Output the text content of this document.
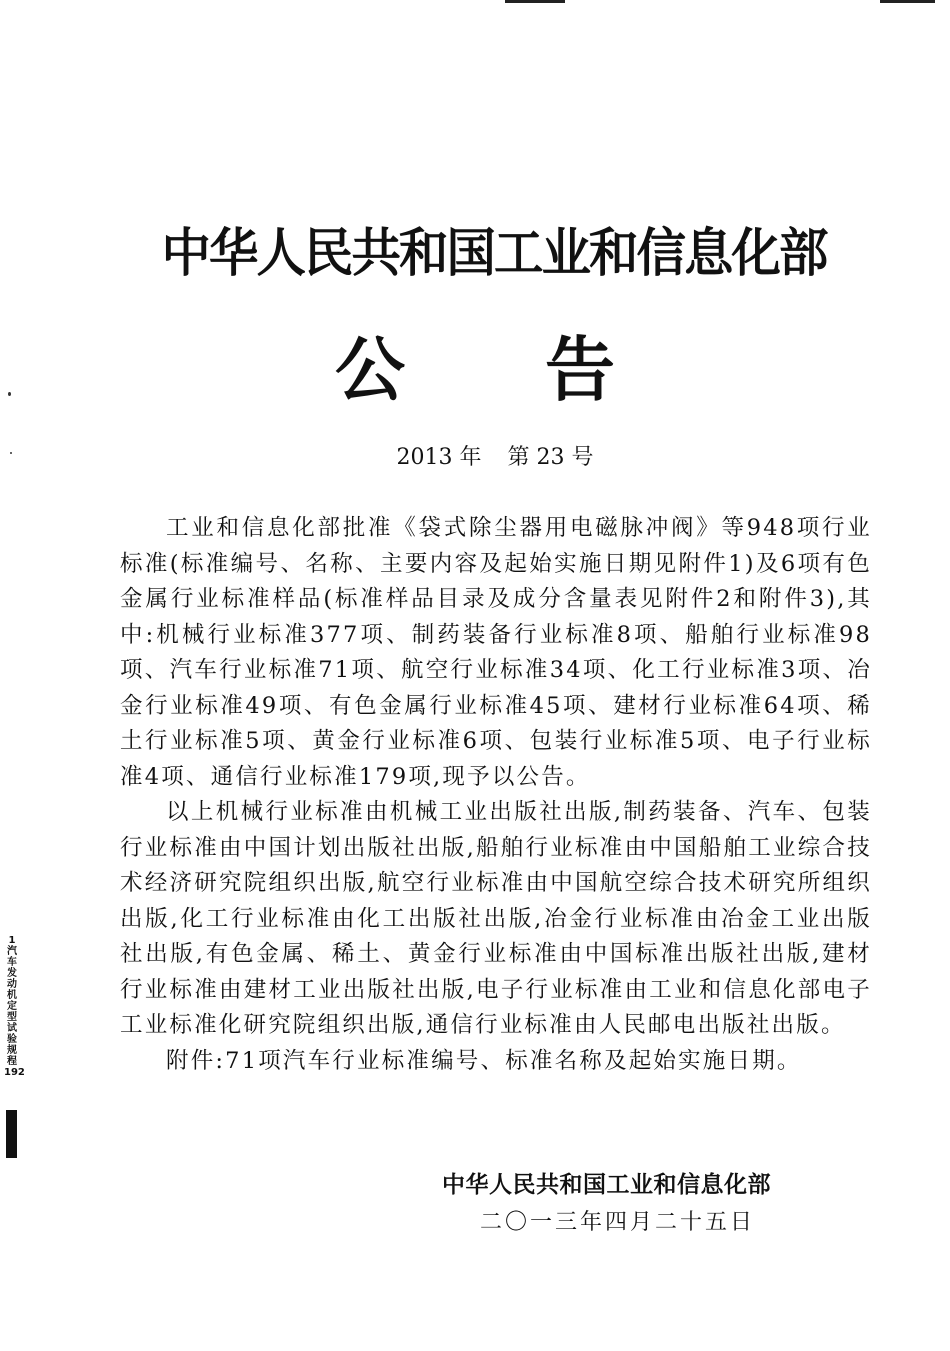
中华人民共和国工业和信息化部
公 告
2013 年 第 23 号

工业和信息化部批准《袋式除尘器用电磁脉冲阀》等948项行业标准(标准编号、名称、主要内容及起始实施日期见附件1)及6项有色金属行业标准样品(标准样品目录及成分含量表见附件2和附件3),其中:机械行业标准377项、制药装备行业标准8项、船舶行业标准98项、汽车行业标准71项、航空行业标准34项、化工行业标准3项、冶金行业标准49项、有色金属行业标准45项、建材行业标准64项、稀土行业标准5项、黄金行业标准6项、包装行业标准5项、电子行业标准4项、通信行业标准179项,现予以公告。

以上机械行业标准由机械工业出版社出版,制药装备、汽车、包装行业标准由中国计划出版社出版,船舶行业标准由中国船舶工业综合技术经济研究院组织出版,航空行业标准由中国航空综合技术研究所组织出版,化工行业标准由化工出版社出版,冶金行业标准由冶金工业出版社出版,有色金属、稀土、黄金行业标准由中国标准出版社出版,建材行业标准由建材工业出版社出版,电子行业标准由工业和信息化部电子工业标准化研究院组织出版,通信行业标准由人民邮电出版社出版。

附件:71项汽车行业标准编号、标准名称及起始实施日期。

中华人民共和国工业和信息化部
二〇一三年四月二十五日
1汽车发动机定型试验规程192
